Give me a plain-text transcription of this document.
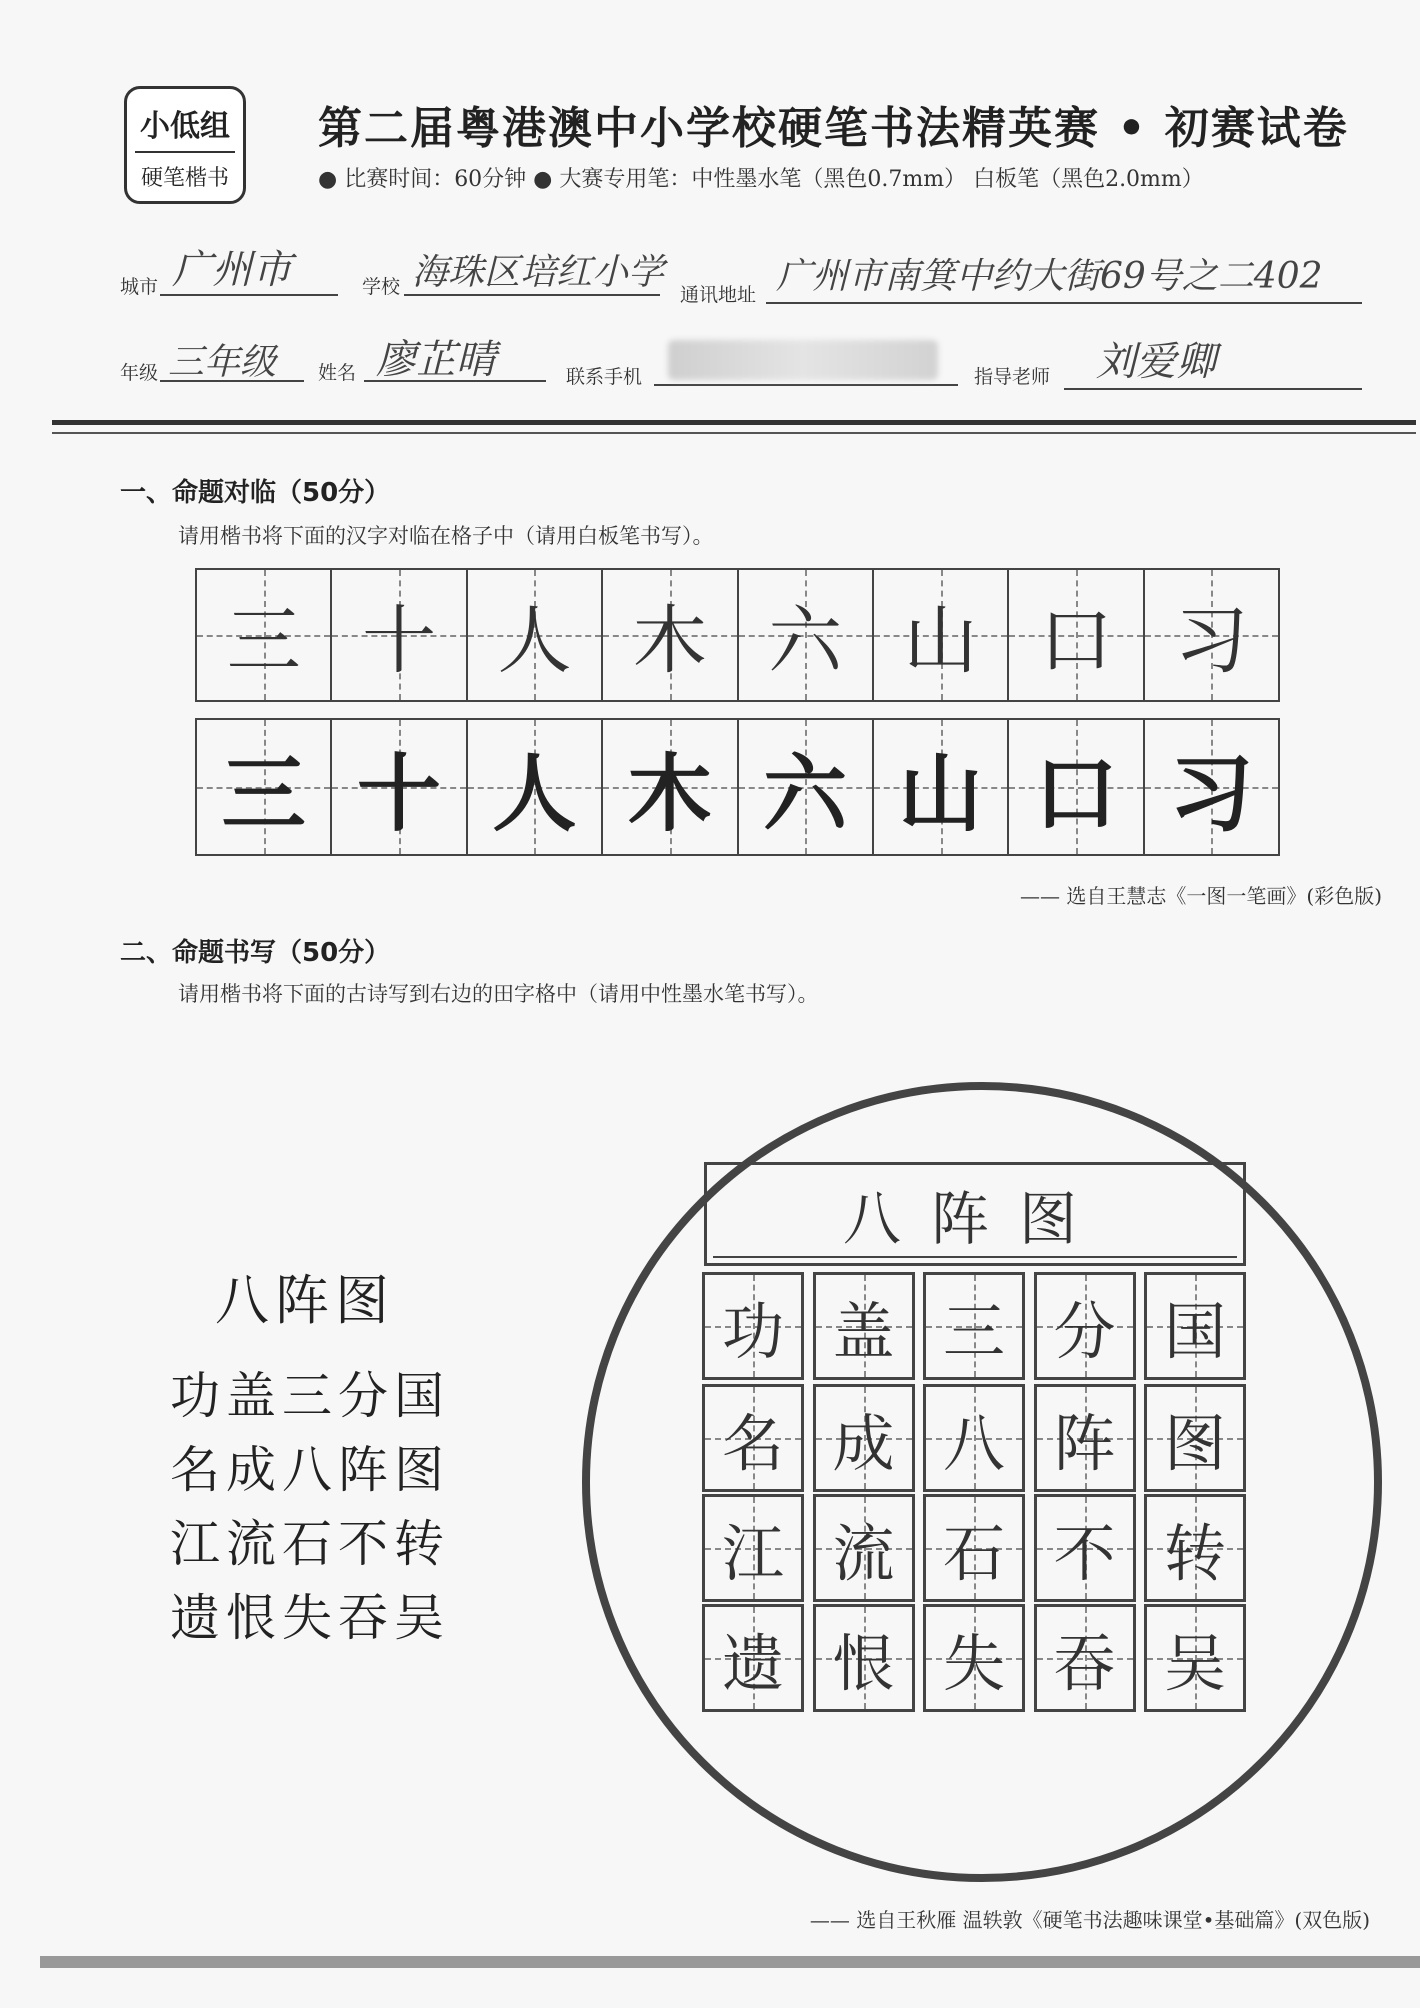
小低组
硬笔楷书
第二届粤港澳中小学校硬笔书法精英赛 • 初赛试卷
● 比赛时间：60分钟 ● 大赛专用笔：中性墨水笔（黑色0.7mm） 白板笔（黑色2.0mm）
城市 广州市	学校 海珠区培红小学
通讯地址 广州市南箕中约大街69号之二402
年级 三年级 姓名 廖芷晴	联系手机	指导老师 刘爱卿
一、命题对临（50分）
请用楷书将下面的汉字对临在格子中（请用白板笔书写）。
三 十 人 木 六 山 口 习
三 十 人 木 六 山 口 习
—— 选自王慧志《一图一笔画》(彩色版)
二、命题书写（50分）
请用楷书将下面的古诗写到右边的田字格中（请用中性墨水笔书写）。
八阵图
功盖三分国
名成八阵图
江流石不转
遗恨失吞吴
八阵图
功 盖 三 分 国
名 成 八 阵 图
江 流 石 不 转
遗 恨 失 吞 吴
—— 选自王秋雁 温轶敦《硬笔书法趣味课堂•基础篇》(双色版)
